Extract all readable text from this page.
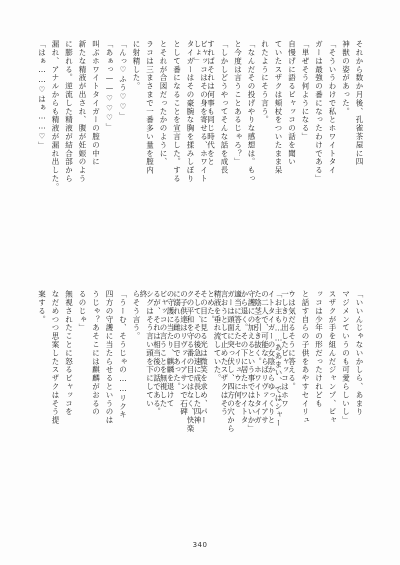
それから数か月後、孔雀茶屋に四

神獣の姿があった。

「そういうわけで私とホワイトタイ

ガーは最強の番になったわけである」

「単ぜそう何ようになる」

自慢げに語るビャッコの話を聞い

ていたスザクは頬杖をついたまま呆

れたようにそう言う。

「なんだその投げやりな感想は。もっ

と今度は言うことあるじゃろ？」

「しかしどうやってそんな話を成長

すればそれは何事も同じ時代をと

しょ」

「いいんじゃないかしら、あまり

マジメンていうのも可愛らしいし」

スザクが手を組んだジャンプ、ビャ

ッコは少年の形だったけれども

と話す自らの子供をあやすセイリュ

ウは気だるそうに答える。

「お主も……ああまい、ではシャー

の二人で、可能ならばリヴァイアサ

守護にの加えるという事ではないか」

適当に答えたセイリュウに何を

言おうとして止めたスザクはそう

とめた。

そして、その後急速に成長した四神

の子供達はリヴァイアサンで石碑

の守護に当たり、麒麟を退けて

るが、それは相当後の話である。

終

ビャッコはその身を寄せる、ホワイト

タイガーはその豪腕な胸を揉みしぼり

として番になることを宣言した。する

とそれが合図だったかのように、

ラコは三まさまで一番多い量を膣内

に射精した。

「んっ♡ふう♡♡」

「あぁっ——♡♡♡」

叫ぶホワイトタイガーの膣の中に

新たな精液が出され、腹が妊娠のよう

に膨れる。逆流した精液が結合部から

漏れ、アナルからも精液が漏れ出した。

「はぁ……♡はぁ……♡」

一しきり出したビャッコはホワ

イトタイガーの女陰からゆっくりと

た陰茎を引き抜く。ホワイトタイガ

から退く。その下に居たホワイトタ

ガーは頭面に突っ伏し、四方の穴から

精液を垂れ流していた。

その目に見る光は微笑を求め、パー

クの平和を守る番の目ではなく、快楽

に溺れる雌の目であった。

ビャッコの言うことを無視した

シグはそう言い頭を下にしてい

らそう言う。

「うーむ、そうじゃの……リクキ

四方の守護に当たらせるというのは

うじゃ？あそこには麒麟がおるの

るのじゃ」

無視されたことに怒るビャッコを

なだめつつ思案したスザクはそう提

案する。

340
